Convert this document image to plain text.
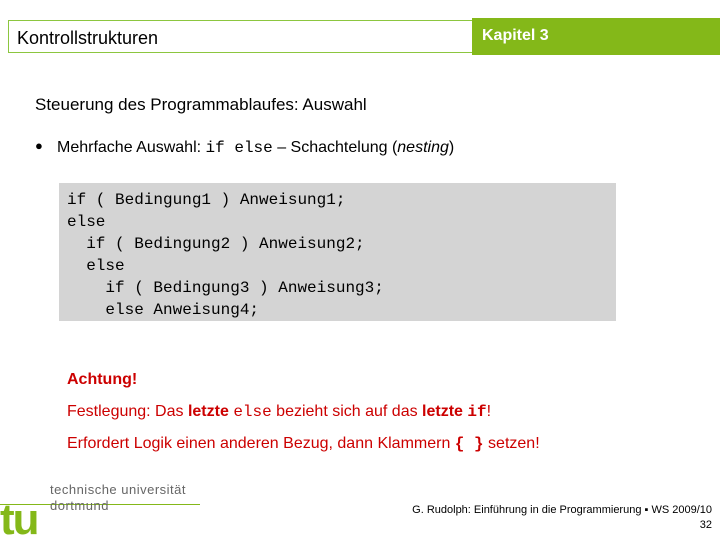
Kontrollstrukturen	Kapitel 3
Steuerung des Programmablaufes: Auswahl
● Mehrfache Auswahl: if else – Schachtelung (nesting)
if ( Bedingung1 ) Anweisung1;
else
if ( Bedingung2 ) Anweisung2;
else
if ( Bedingung3 ) Anweisung3;
else Anweisung4;
Achtung!
Festlegung: Das letzte else bezieht sich auf das letzte if!
Erfordert Logik einen anderen Bezug, dann Klammern { } setzen!
tu
technische universität
dortmund	G. Rudolph: Einführung in die Programmierung ▪ WS 2009/10
32
